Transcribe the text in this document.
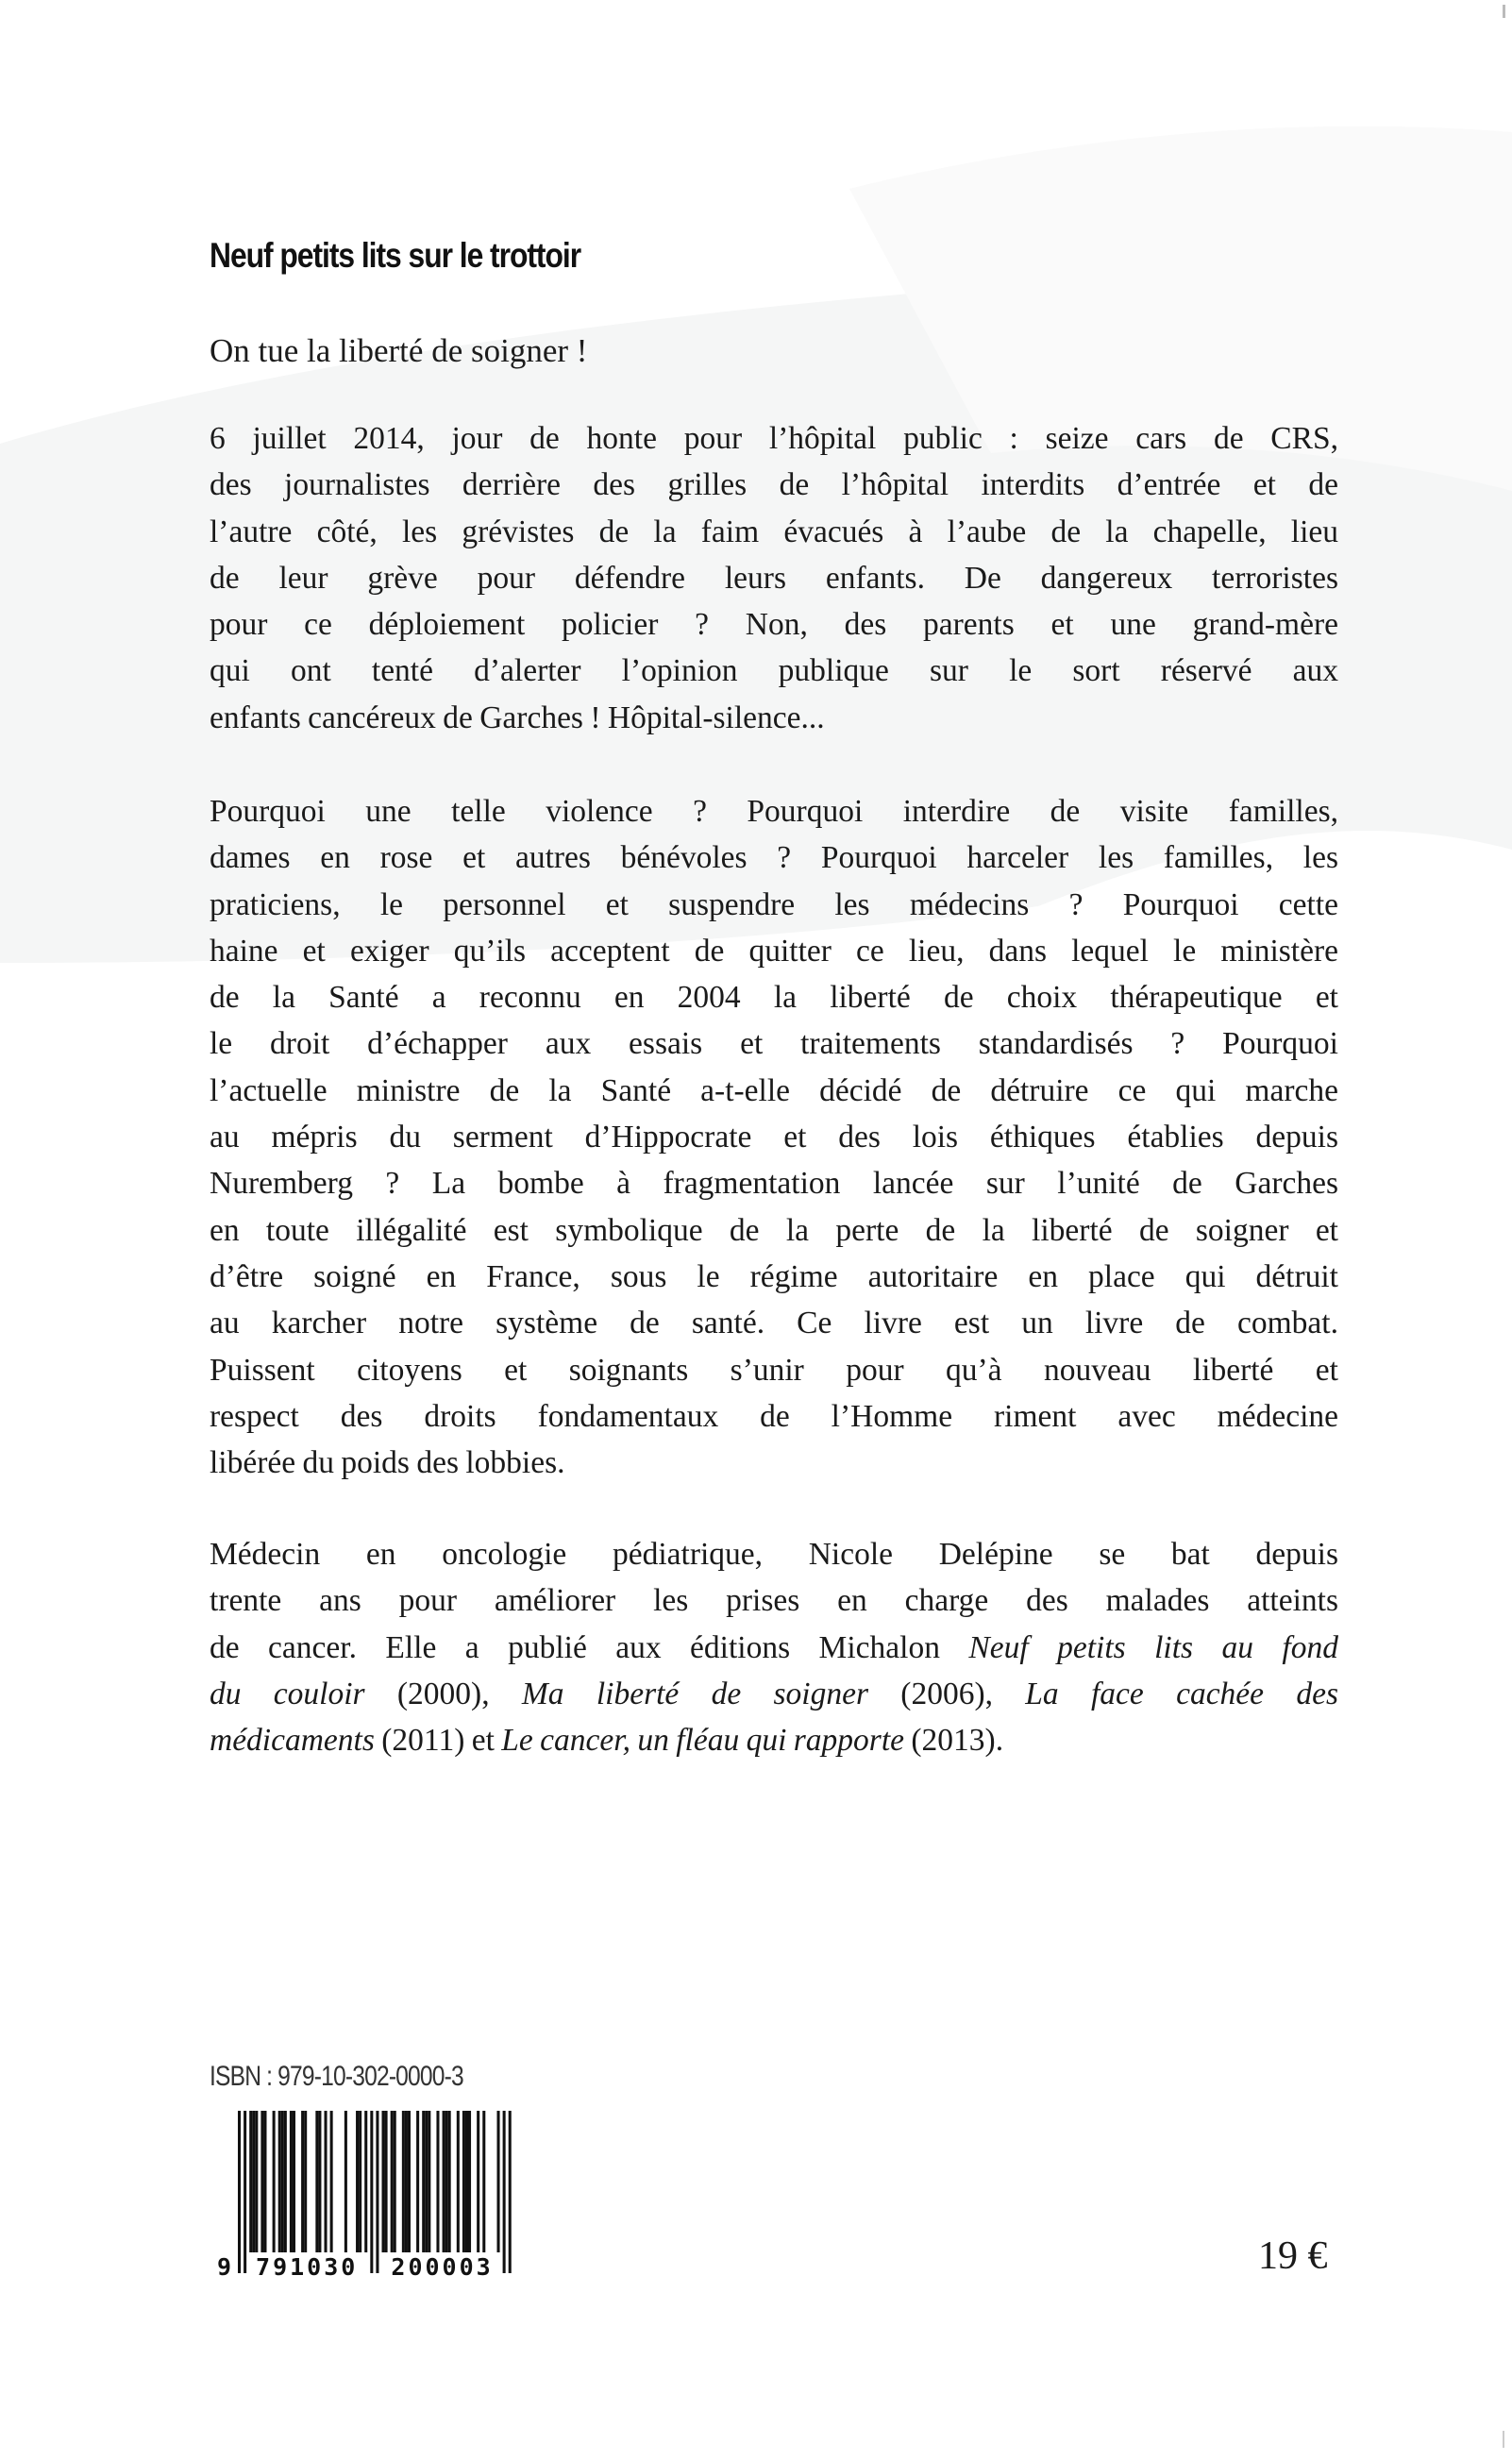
Neuf petits lits sur le trottoir
On tue la liberté de soigner !
6 juillet 2014, jour de honte pour l’hôpital public : seize cars de CRS,
des journalistes derrière des grilles de l’hôpital interdits d’entrée et de
l’autre côté, les grévistes de la faim évacués à l’aube de la chapelle, lieu
de leur grève pour défendre leurs enfants. De dangereux terroristes
pour ce déploiement policier ? Non, des parents et une grand-mère
qui ont tenté d’alerter l’opinion publique sur le sort réservé aux
enfants cancéreux de Garches ! Hôpital-silence...
Pourquoi une telle violence ? Pourquoi interdire de visite familles,
dames en rose et autres bénévoles ? Pourquoi harceler les familles, les
praticiens, le personnel et suspendre les médecins ? Pourquoi cette
haine et exiger qu’ils acceptent de quitter ce lieu, dans lequel le ministère
de la Santé a reconnu en 2004 la liberté de choix thérapeutique et
le droit d’échapper aux essais et traitements standardisés ? Pourquoi
l’actuelle ministre de la Santé a-t-elle décidé de détruire ce qui marche
au mépris du serment d’Hippocrate et des lois éthiques établies depuis
Nuremberg ? La bombe à fragmentation lancée sur l’unité de Garches
en toute illégalité est symbolique de la perte de la liberté de soigner et
d’être soigné en France, sous le régime autoritaire en place qui détruit
au karcher notre système de santé. Ce livre est un livre de combat.
Puissent citoyens et soignants s’unir pour qu’à nouveau liberté et
respect des droits fondamentaux de l’Homme riment avec médecine
libérée du poids des lobbies.
Médecin en oncologie pédiatrique, Nicole Delépine se bat depuis
trente ans pour améliorer les prises en charge des malades atteints
de cancer. Elle a publié aux éditions Michalon Neuf petits lits au fond
du couloir (2000), Ma liberté de soigner (2006), La face cachée des
médicaments (2011) et Le cancer, un fléau qui rapporte (2013).
ISBN : 979-10-302-0000-3
9 791030 200003	19 €
